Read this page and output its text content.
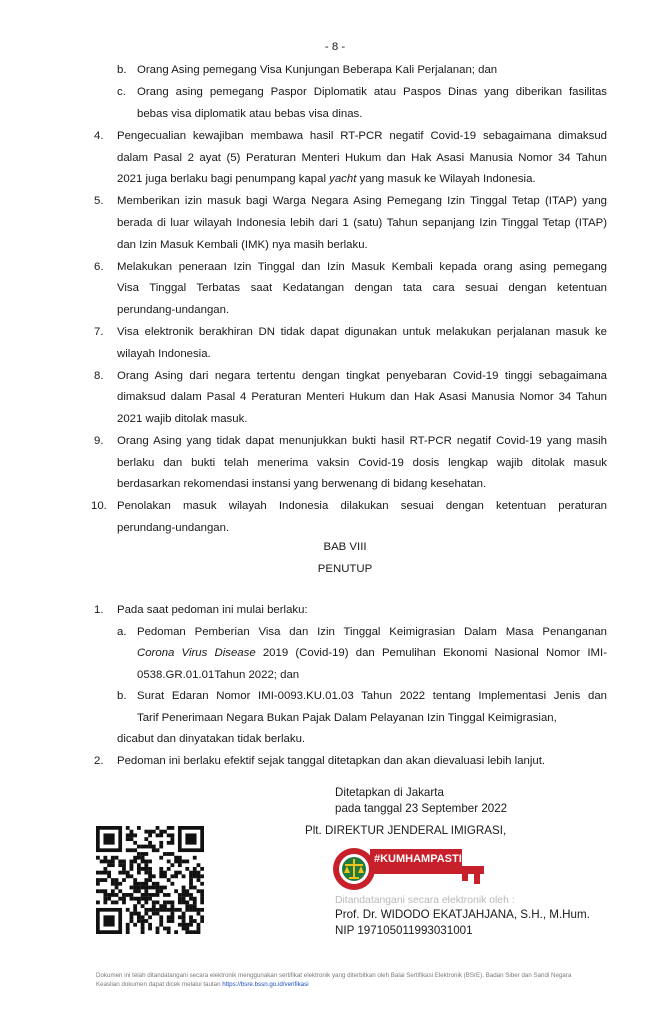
- 8 -
b. Orang Asing pemegang Visa Kunjungan Beberapa Kali Perjalanan; dan
c. Orang asing pemegang Paspor Diplomatik atau Paspos Dinas yang diberikan fasilitas
bebas visa diplomatik atau bebas visa dinas.
4. Pengecualian kewajiban membawa hasil RT-PCR negatif Covid-19 sebagaimana dimaksud
dalam Pasal 2 ayat (5) Peraturan Menteri Hukum dan Hak Asasi Manusia Nomor 34 Tahun
2021 juga berlaku bagi penumpang kapal yacht yang masuk ke Wilayah Indonesia.
5. Memberikan izin masuk bagi Warga Negara Asing Pemegang Izin Tinggal Tetap (ITAP) yang
berada di luar wilayah Indonesia lebih dari 1 (satu) Tahun sepanjang Izin Tinggal Tetap (ITAP)
dan Izin Masuk Kembali (IMK) nya masih berlaku.
6. Melakukan peneraan Izin Tinggal dan Izin Masuk Kembali kepada orang asing pemegang
Visa Tinggal Terbatas saat Kedatangan dengan tata cara sesuai dengan ketentuan
perundang-undangan.
7. Visa elektronik berakhiran DN tidak dapat digunakan untuk melakukan perjalanan masuk ke
wilayah Indonesia.
8. Orang Asing dari negara tertentu dengan tingkat penyebaran Covid-19 tinggi sebagaimana
dimaksud dalam Pasal 4 Peraturan Menteri Hukum dan Hak Asasi Manusia Nomor 34 Tahun
2021 wajib ditolak masuk.
9. Orang Asing yang tidak dapat menunjukkan bukti hasil RT-PCR negatif Covid-19 yang masih
berlaku dan bukti telah menerima vaksin Covid-19 dosis lengkap wajib ditolak masuk
berdasarkan rekomendasi instansi yang berwenang di bidang kesehatan.
10. Penolakan masuk wilayah Indonesia dilakukan sesuai dengan ketentuan peraturan
perundang-undangan.
BAB VIII
PENUTUP
1. Pada saat pedoman ini mulai berlaku:
a. Pedoman Pemberian Visa dan Izin Tinggal Keimigrasian Dalam Masa Penanganan
Corona Virus Disease 2019 (Covid-19) dan Pemulihan Ekonomi Nasional Nomor IMI-
0538.GR.01.01Tahun 2022; dan
b. Surat Edaran Nomor IMI-0093.KU.01.03 Tahun 2022 tentang Implementasi Jenis dan
Tarif Penerimaan Negara Bukan Pajak Dalam Pelayanan Izin Tinggal Keimigrasian,
dicabut dan dinyatakan tidak berlaku.
2. Pedoman ini berlaku efektif sejak tanggal ditetapkan dan akan dievaluasi lebih lanjut.
Ditetapkan di Jakarta
pada tanggal 23 September 2022
Plt. DIREKTUR JENDERAL IMIGRASI,
#KUMHAMPASTI
Ditandatangani secara elektronik oleh :
Prof. Dr. WIDODO EKATJAHJANA, S.H., M.Hum.
NIP 197105011993031001
Dokumen ini telah ditandatangani secara elektronik menggunakan sertifikat elektronik yang diterbitkan oleh Balai Sertifikasi Elektronik (BSrE), Badan Siber dan Sandi Negara
Keaslian dokumen dapat dicek melalui tautan https://bsre.bssn.go.id/verifikasi
